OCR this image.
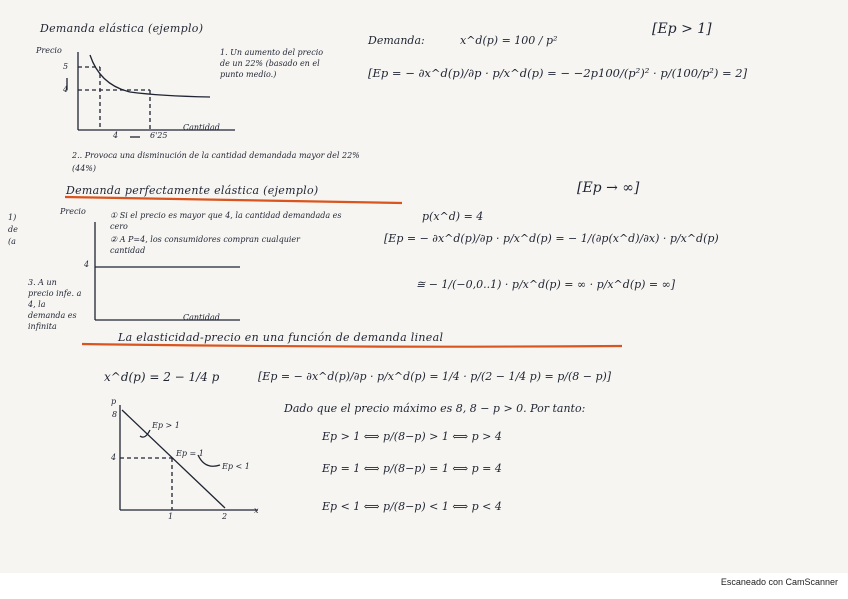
Demanda elástica (ejemplo)
Precio
5
4
4	6'25
Cantidad
1. Un aumento del precio de un 22% (basado en el punto medio.)
2.. Provoca una disminución de la cantidad demandada mayor del 22% (44%)
Demanda:	x^d(p) = 100 / p²
[Ep > 1]
[Ep = − ∂x^d(p)/∂p · p/x^d(p) = − −2p100/(p²)² · p/(100/p²) = 2]
Demanda perfectamente elástica (ejemplo)
1) de (a
Precio
4
Cantidad
① Si el precio es mayor que 4, la cantidad demandada es cero
② A P=4, los consumidores compran cualquier cantidad
3. A un precio infe. a 4, la demanda es infinita
[Ep → ∞]
p(x^d) = 4
[Ep = − ∂x^d(p)/∂p · p/x^d(p) = − 1/(∂p(x^d)/∂x) · p/x^d(p)
≅ − 1/(−0,0..1) · p/x^d(p) = ∞ · p/x^d(p) = ∞]
La elasticidad-precio en una función de demanda lineal
x^d(p) = 2 − 1/4 p	[Ep = − ∂x^d(p)/∂p · p/x^d(p) = 1/4 · p/(2 − 1/4 p) = p/(8 − p)]
Dado que el precio máximo es 8, 8 − p > 0. Por tanto:
Ep > 1 ⟺ p/(8−p) > 1 ⟺ p > 4
Ep = 1 ⟺ p/(8−p) = 1 ⟺ p = 4
Ep < 1 ⟺ p/(8−p) < 1 ⟺ p < 4
p
8
4
1	2
x
Ep > 1
Ep = 1
Ep < 1
Escaneado con CamScanner
